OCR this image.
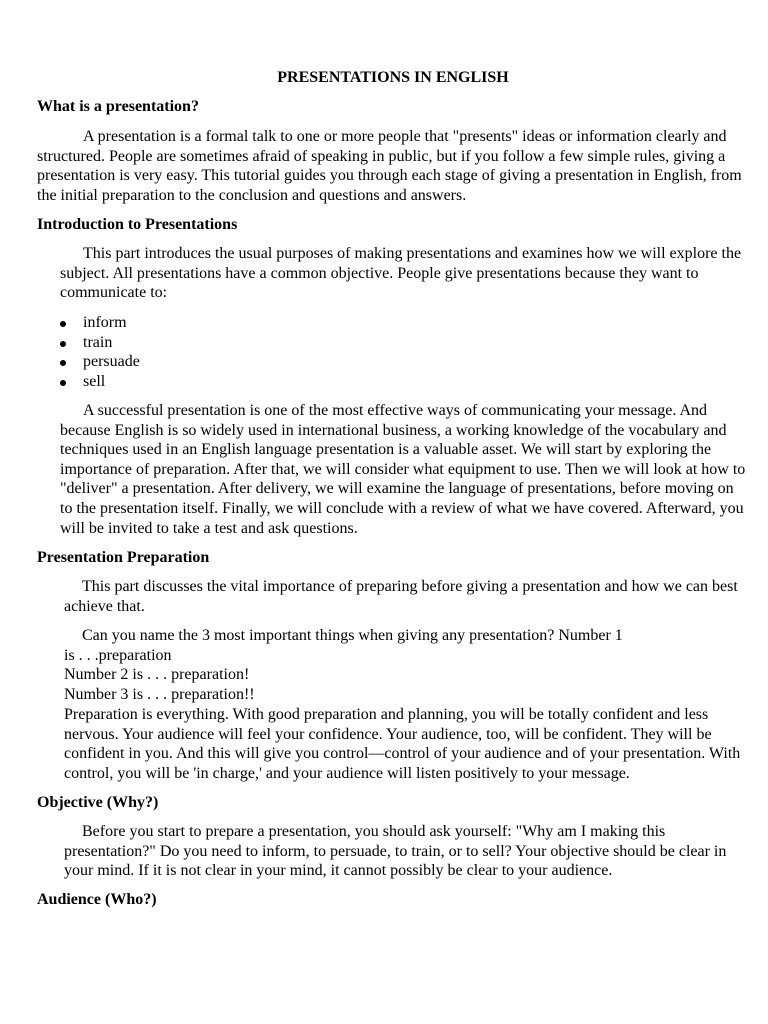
PRESENTATIONS IN ENGLISH
What is a presentation?

A presentation is a formal talk to one or more people that "presents" ideas or information clearly and structured. People are sometimes afraid of speaking in public, but if you follow a few simple rules, giving a presentation is very easy. This tutorial guides you through each stage of giving a presentation in English, from the initial preparation to the conclusion and questions and answers.

Introduction to Presentations

This part introduces the usual purposes of making presentations and examines how we will explore the subject. All presentations have a common objective. People give presentations because they want to communicate to:

inform
train
persuade
sell

A successful presentation is one of the most effective ways of communicating your message. And because English is so widely used in international business, a working knowledge of the vocabulary and techniques used in an English language presentation is a valuable asset. We will start by exploring the importance of preparation. After that, we will consider what equipment to use. Then we will look at how to "deliver" a presentation. After delivery, we will examine the language of presentations, before moving on to the presentation itself. Finally, we will conclude with a review of what we have covered. Afterward, you will be invited to take a test and ask questions.

Presentation Preparation

This part discusses the vital importance of preparing before giving a presentation and how we can best achieve that.

Can you name the 3 most important things when giving any presentation? Number 1

is . . .preparation

Number 2 is . . . preparation!

Number 3 is . . . preparation!!

Preparation is everything. With good preparation and planning, you will be totally confident and less nervous. Your audience will feel your confidence. Your audience, too, will be confident. They will be confident in you. And this will give you control—control of your audience and of your presentation. With control, you will be 'in charge,' and your audience will listen positively to your message.

Objective (Why?)

Before you start to prepare a presentation, you should ask yourself: "Why am I making this presentation?" Do you need to inform, to persuade, to train, or to sell? Your objective should be clear in your mind. If it is not clear in your mind, it cannot possibly be clear to your audience.

Audience (Who?)
